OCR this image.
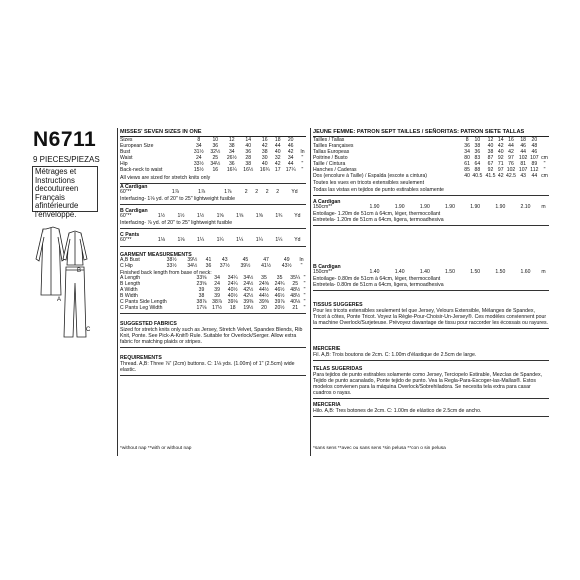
N6711
9 PIECES/PIEZAS
Métrages et Instructions decoutureen Français afintérieurde l'enveloppe.
A
B
C
MISSES' SEVEN SIZES IN ONE
Sizes	8	10	12	14	16	18	20	
European Size	34	36	38	40	42	44	46	
Bust	31½	32½	34	36	38	40	42	In
Waist	24	25	26½	28	30	32	34	"
Hip	33½	34½	36	38	40	42	44	"
Back-neck to waist	15½	16	16¼	16½	16¾	17	17¼	"
All views are sized for stretch knits only
A Cardigan
60"**	1⅞	1⅞	1⅞	2	2	2	2	Yd
Interfacing- 1⅛ yd. of 20" to 25" lightweight fusible
B Cardigan
60"**	1½	1½	1½	1⅝	1⅝	1⅝	1¾	Yd
Interfacing- ⅞ yd. of 20" to 25" lightweight fusible
C Pants
60"**	1⅛	1⅛	1¼	1¼	1¼	1¼	1¼	Yd
GARMENT MEASUREMENTS
A,B Bust	38½	39½	41	43	45	47	49	In
C Hip	33½	34½	36	37½	39½	41½	43½	"
Finished back length from base of neck:
A Length	33⅝	34	34¼	34½	35	35	35¼	"
B Length	23⅝	24	24¼	24½	24⅝	24¾	25	"
A Width	39	39	40½	42½	44½	46½	48½	"
B Width	38	39	40½	42½	44½	46½	48½	"
C Pants Side Length	38⅞	38⅞	39⅛	39⅜	39⅝	39⅞	40⅛	"
C Pants Leg Width	17⅛	17½	18	19½	20	20½	21	"
SUGGESTED FABRICS

Sized for stretch knits only such as Jersey, Stretch Velvet, Spandex Blends, Rib Knit, Ponte. See Pick-A-Knit® Rule. Suitable for Overlock/Serger. Allow extra fabric for matching plaids or stripes.

REQUIREMENTS

Thread. A,B: Three ⅞" (2cm) buttons. C: 1⅛ yds. (1.00m) of 1" (2.5cm) wide elastic.

*without nap **with or without nap
JEUNE FEMME: PATRON SEPT TAILLES / SEÑORITAS: PATRON SIETE TALLAS
Tailles / Tallas	8	10	12	14	16	18	20	
Tailles Françaises	36	38	40	42	44	46	48	
Tallas Europeas	34	36	38	40	42	44	46	
Poitrine / Busto	80	83	87	92	97	102	107	cm
Taille / Cintura	61	64	67	71	76	81	89	"
Hanches / Caderas	85	88	92	97	102	107	112	"
Dos (encolure à Taille) / Espalda (escote a cintura)	40	40.5	41.5	42	42.5	43	44	cm
Toutes les vues en tricots extensibles seulement
Todas las vistas en tejidos de punto estirables solamente
A Cardigan
150cm**	1.90	1.90	1.90	1.90	1.90	1.90	2.10	m
Entoilage- 1.20m de 51cm à 64cm, léger, thermocollant
Entretela- 1.20m de 51cm a 64cm, ligera, termoadhesiva
B Cardigan
150cm**	1.40	1.40	1.40	1.50	1.50	1.50	1.60	m
Entoilage- 0.80m de 51cm à 64cm, léger, thermocollant
Entretela- 0.80m de 51cm a 64cm, ligera, termoadhesiva
TISSUS SUGGERES

Pour les tricots extensibles seulement tel que Jersey, Velours Extensible, Mélanges de Spandex, Tricot à côtes, Ponte Tricot. Voyez la Règle-Pour-Choisir-Un-Jersey®. Ces modèles conviennent pour la machine Overlock/Surjeteuse. Prévoyez davantage de tissu pour raccorder les écossais ou rayures.

MERCERIE

Fil. A,B: Trois boutons de 2cm. C: 1.00m d'élastique de 2.5cm de large.

TELAS SUGERIDAS

Para tejidos de punto estirables solamente como Jersey, Terciopelo Estirable, Mezclas de Spandex, Tejido de punto acanalado, Ponte tejido de punto. Vea la Regla-Para-Escoger-las-Mallas®. Estos modelos convienen para la máquina Overlock/Sobrehiladora. Se necesita tela extra para casar cuadros o rayas.

MERCERIA

Hilo. A,B: Tres botones de 2cm. C: 1.00m de elástico de 2.5cm de ancho.

*sans sens **avec ou sans sens *sin pelusa **con o sin pelusa
